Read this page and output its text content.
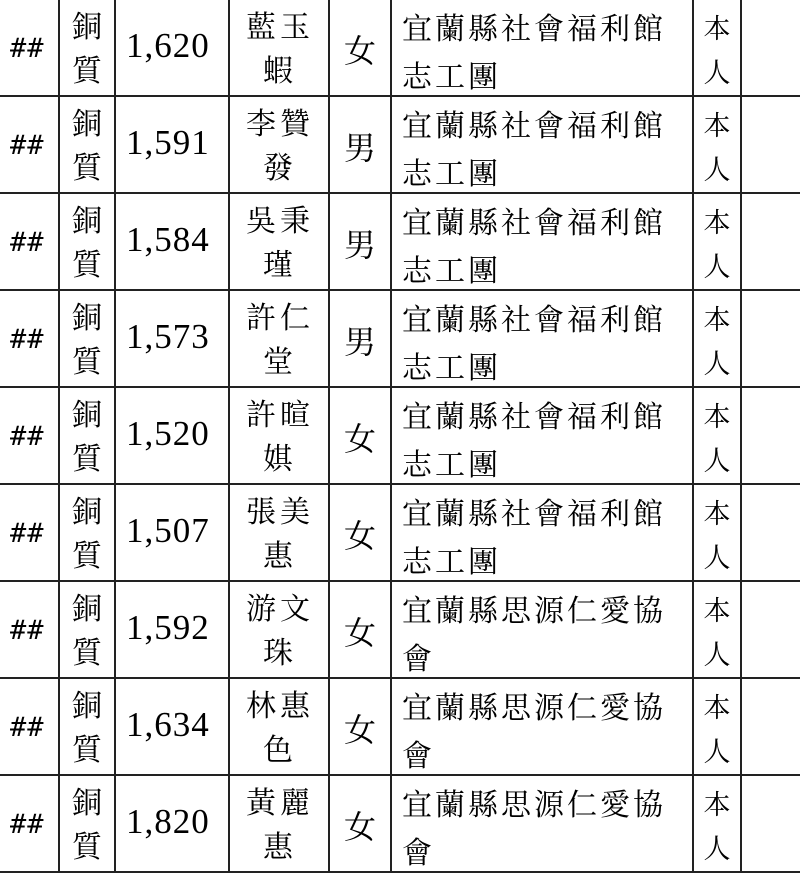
##
銅
質
1,620 藍玉蝦
女
宜蘭縣社會福利館志工團
本
人
##
銅
質
1,591 李贊發
男
宜蘭縣社會福利館志工團
本
人
##
銅
質
1,584 吳秉瑾
男
宜蘭縣社會福利館志工團
本
人
##
銅
質
1,573 許仁堂
男
宜蘭縣社會福利館志工團
本
人
##
銅
質
1,520 許暄娸
女
宜蘭縣社會福利館志工團
本
人
##
銅
質
1,507 張美惠
女
宜蘭縣社會福利館志工團
本
人
##
銅
質
1,592 游文珠
女
宜蘭縣思源仁愛協會
本
人
##
銅
質
1,634 林惠色
女
宜蘭縣思源仁愛協會
本
人
##
銅
質
1,820 黃麗惠
女
宜蘭縣思源仁愛協會
本
人
